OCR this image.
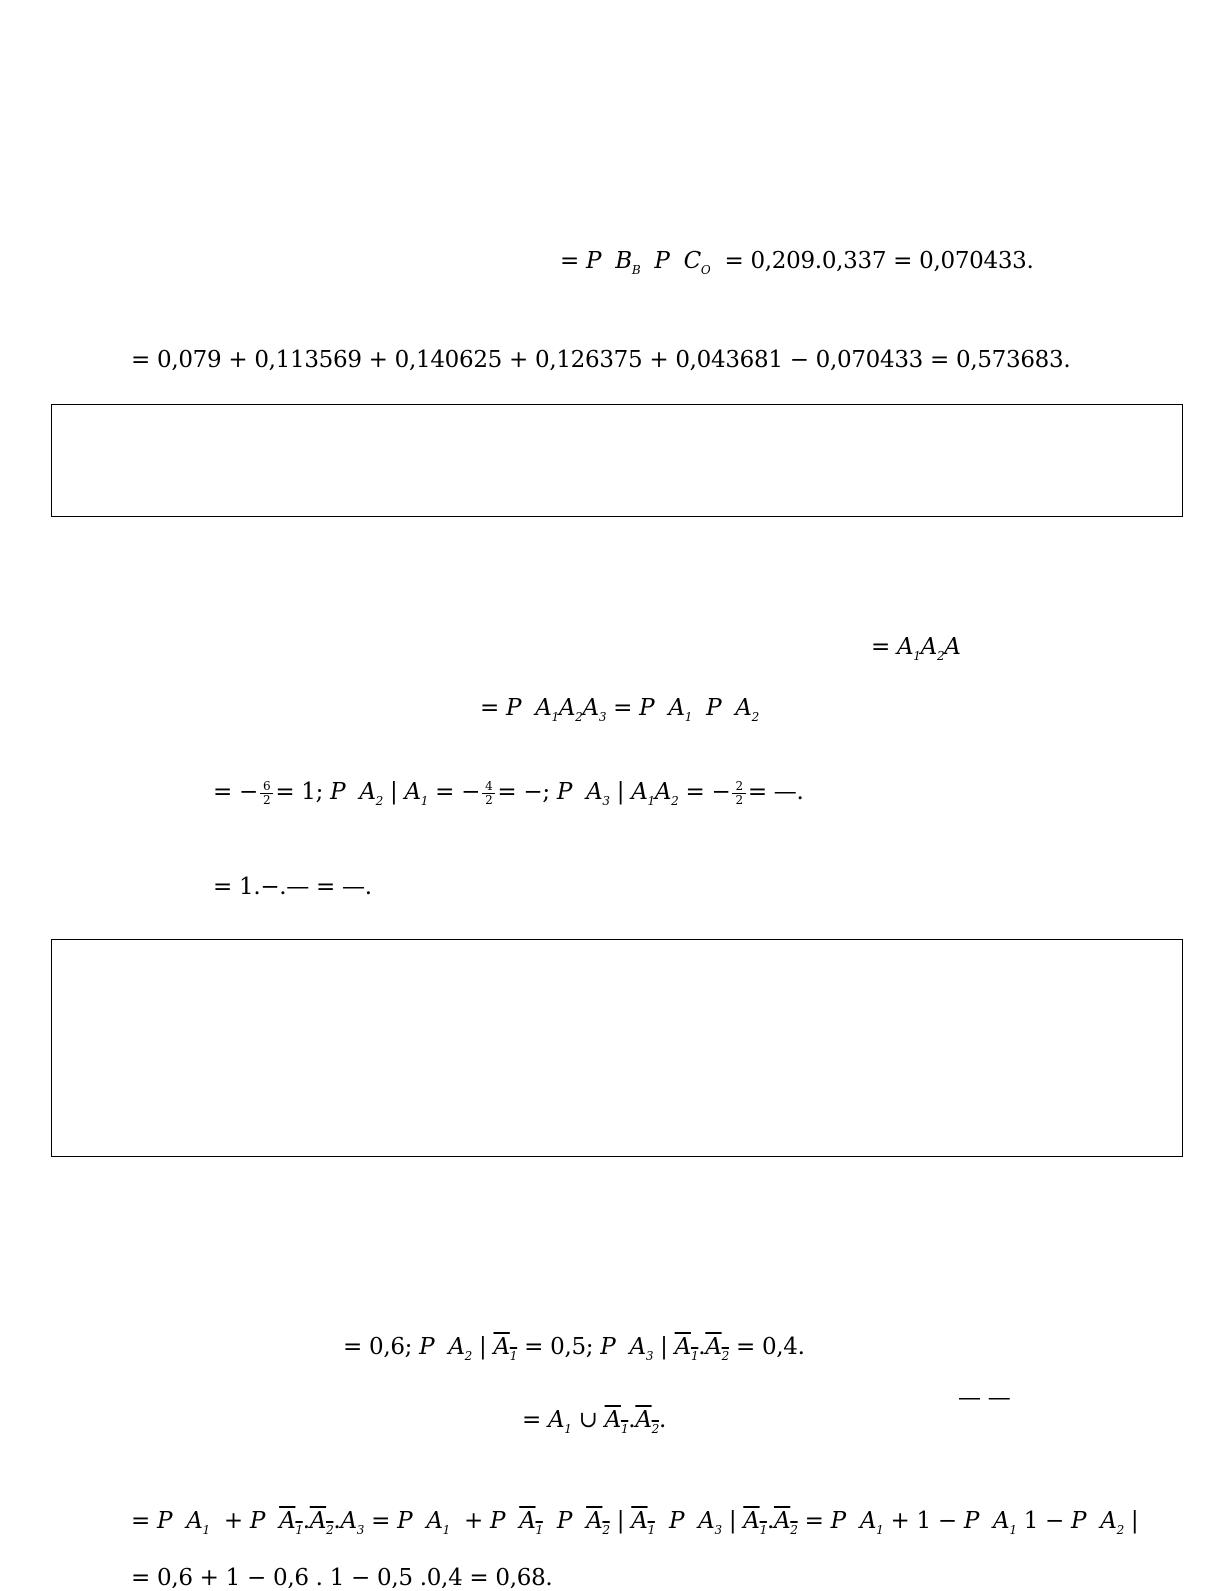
= P $B_B$ P $C_O = 0,209.0,337 = 0,070433$.
= 0,079 + 0,113569 + 0,140625 + 0,126375 + 0,043681 − 0,070433 = 0,573683.
= $A_1A_2A$
= P $A_1A_2A_3 = P$ $A_1$ P $A_2$
= − $\frac{6}{2} = 1$; P $A_2$ | $A_1$ = − $\frac{4}{2}$ = −; P $A_3$ | $A_1A_2$ = − $\frac{2}{2}$ = —.
= 1.−.— = —.
= 0,6; P $A_2$ | $A_1 = 0,5$; P $A_3$ | $A_1.A_2 = 0,4$.
= $A_1$ ∪ $A_1.A_2$.
— —
= P $A_1 + P$ $A_1.A_2.A_3 = P$ $A_1 + P$ $A_1$ P $A_2$ | $A_1$ P $A_3$ | $A_1.A_2 = P$ $A_1 + 1 - P$ $A_1$ 1 − P $A_2$ |
= 0,6 + 1 − 0,6 . 1 − 0,5 .0,4 = 0,68.
